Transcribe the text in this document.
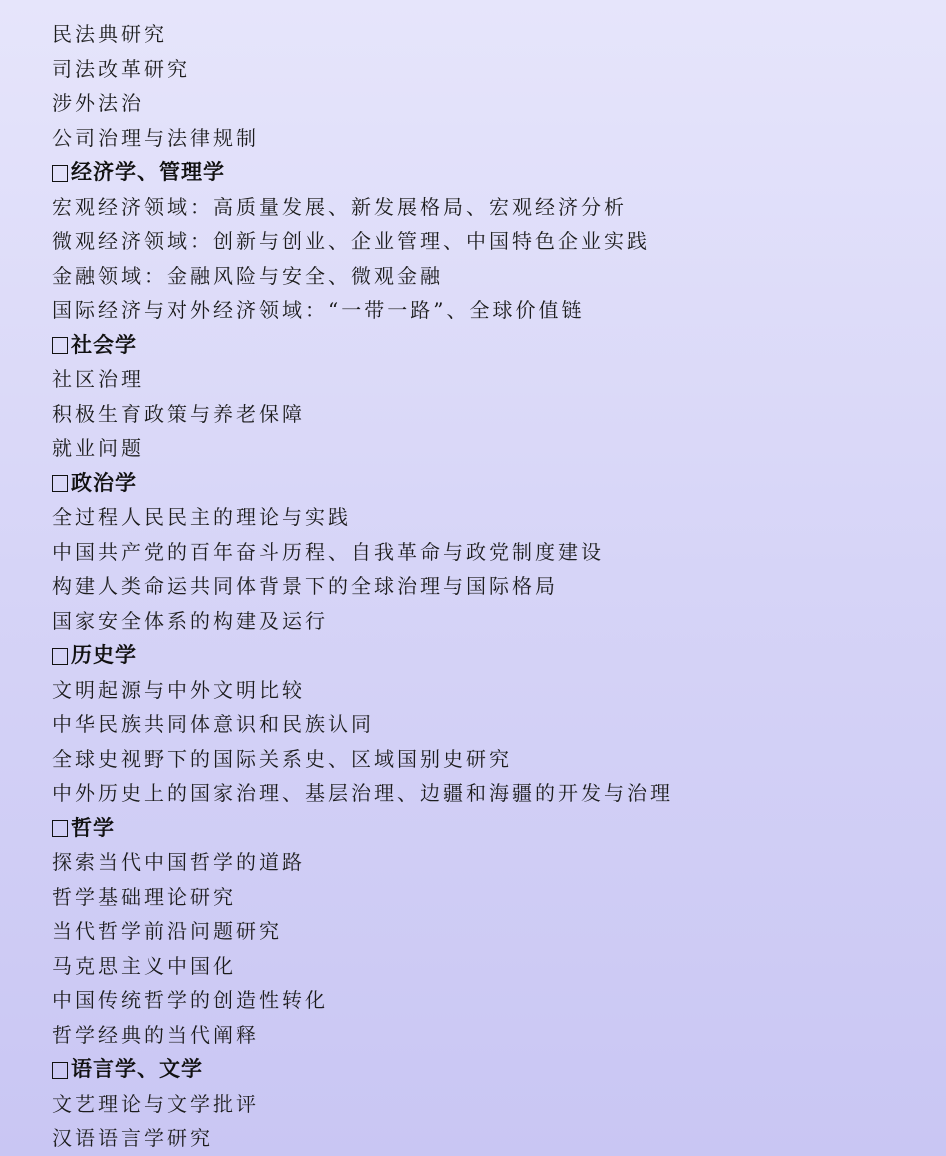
民法典研究
司法改革研究
涉外法治
公司治理与法律规制
经济学、管理学
宏观经济领域：高质量发展、新发展格局、宏观经济分析
微观经济领域：创新与创业、企业管理、中国特色企业实践
金融领域：金融风险与安全、微观金融
国际经济与对外经济领域：“一带一路”、全球价值链
社会学
社区治理
积极生育政策与养老保障
就业问题
政治学
全过程人民民主的理论与实践
中国共产党的百年奋斗历程、自我革命与政党制度建设
构建人类命运共同体背景下的全球治理与国际格局
国家安全体系的构建及运行
历史学
文明起源与中外文明比较
中华民族共同体意识和民族认同
全球史视野下的国际关系史、区域国别史研究
中外历史上的国家治理、基层治理、边疆和海疆的开发与治理
哲学
探索当代中国哲学的道路
哲学基础理论研究
当代哲学前沿问题研究
马克思主义中国化
中国传统哲学的创造性转化
哲学经典的当代阐释
语言学、文学
文艺理论与文学批评
汉语语言学研究
